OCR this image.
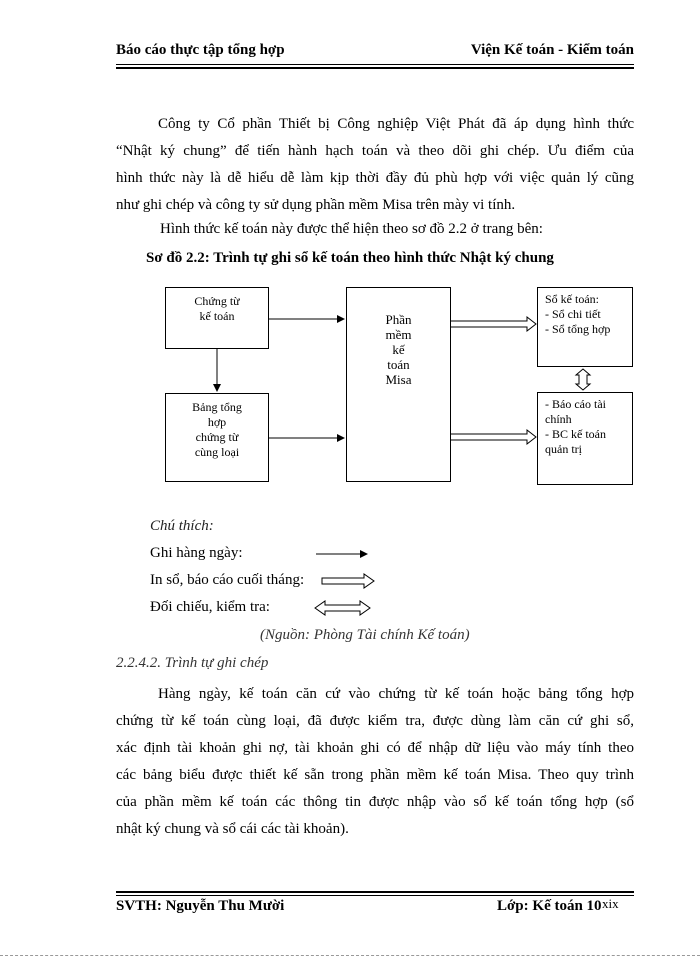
Báo cáo thực tập tổng hợp	Viện Kế toán - Kiểm toán
Công ty Cổ phần Thiết bị Công nghiệp Việt Phát đã áp dụng hình thức
“Nhật ký chung” để tiến hành hạch toán và theo dõi ghi chép. Ưu điểm của
hình thức này là dễ hiểu dễ làm kịp thời đầy đủ phù hợp với việc quản lý cũng
như ghi chép và công ty sử dụng phần mềm Misa trên mày vi tính.
Hình thức kế toán này được thể hiện theo sơ đồ 2.2 ở trang bên:
Sơ đồ 2.2: Trình tự ghi sổ kế toán theo hình thức Nhật ký chung
Chứng từ
kế toán
Bảng tổng
hợp
chứng từ
cùng loại
Phần
mềm
kế
toán
Misa
Sổ kế toán:
- Sổ chi tiết
- Sổ tổng hợp
- Báo cáo tài
chính
- BC kế toán
quản trị
Chú thích:
Ghi hàng ngày:
In sổ, báo cáo cuối tháng:
Đối chiếu, kiểm tra:
(Nguồn: Phòng Tài chính Kế toán)
2.2.4.2. Trình tự ghi chép
Hàng ngày, kế toán căn cứ vào chứng từ kế toán hoặc bảng tổng hợp
chứng từ kế toán cùng loại, đã được kiểm tra, được dùng làm căn cứ ghi sổ,
xác định tài khoản ghi nợ, tài khoản ghi có để nhập dữ liệu vào máy tính theo
các bảng biểu được thiết kế sẵn trong phần mềm kế toán Misa. Theo quy trình
của phần mềm kế toán các thông tin được nhập vào sổ kế toán tổng hợp (sổ
nhật ký chung và sổ cái các tài khoản).
SVTH: Nguyễn Thu Mười	Lớp: Kế toán 10 xix
